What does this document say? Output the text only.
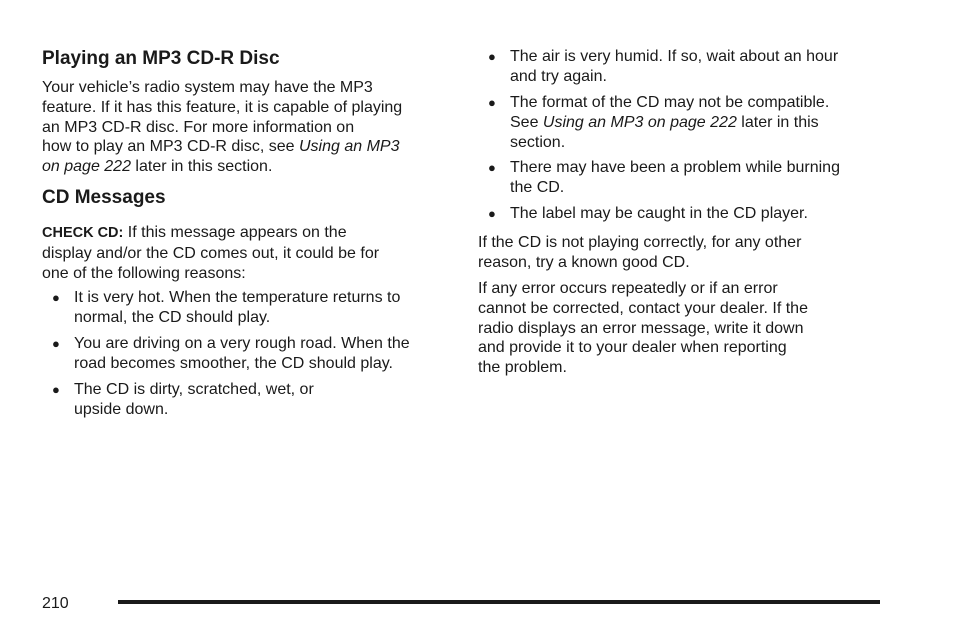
Playing an MP3 CD-R Disc

Your vehicle’s radio system may have the MP3
feature. If it has this feature, it is capable of playing
an MP3 CD-R disc. For more information on
how to play an MP3 CD-R disc, see Using an MP3
on page 222 later in this section.

CD Messages

CHECK CD: If this message appears on the
display and/or the CD comes out, it could be for
one of the following reasons:

● It is very hot. When the temperature returns to
normal, the CD should play.
● You are driving on a very rough road. When the
road becomes smoother, the CD should play.
● The CD is dirty, scratched, wet, or
upside down.
● The air is very humid. If so, wait about an hour
and try again.
● The format of the CD may not be compatible.
See Using an MP3 on page 222 later in this
section.
● There may have been a problem while burning
the CD.
● The label may be caught in the CD player.

If the CD is not playing correctly, for any other
reason, try a known good CD.

If any error occurs repeatedly or if an error
cannot be corrected, contact your dealer. If the
radio displays an error message, write it down
and provide it to your dealer when reporting
the problem.

210
